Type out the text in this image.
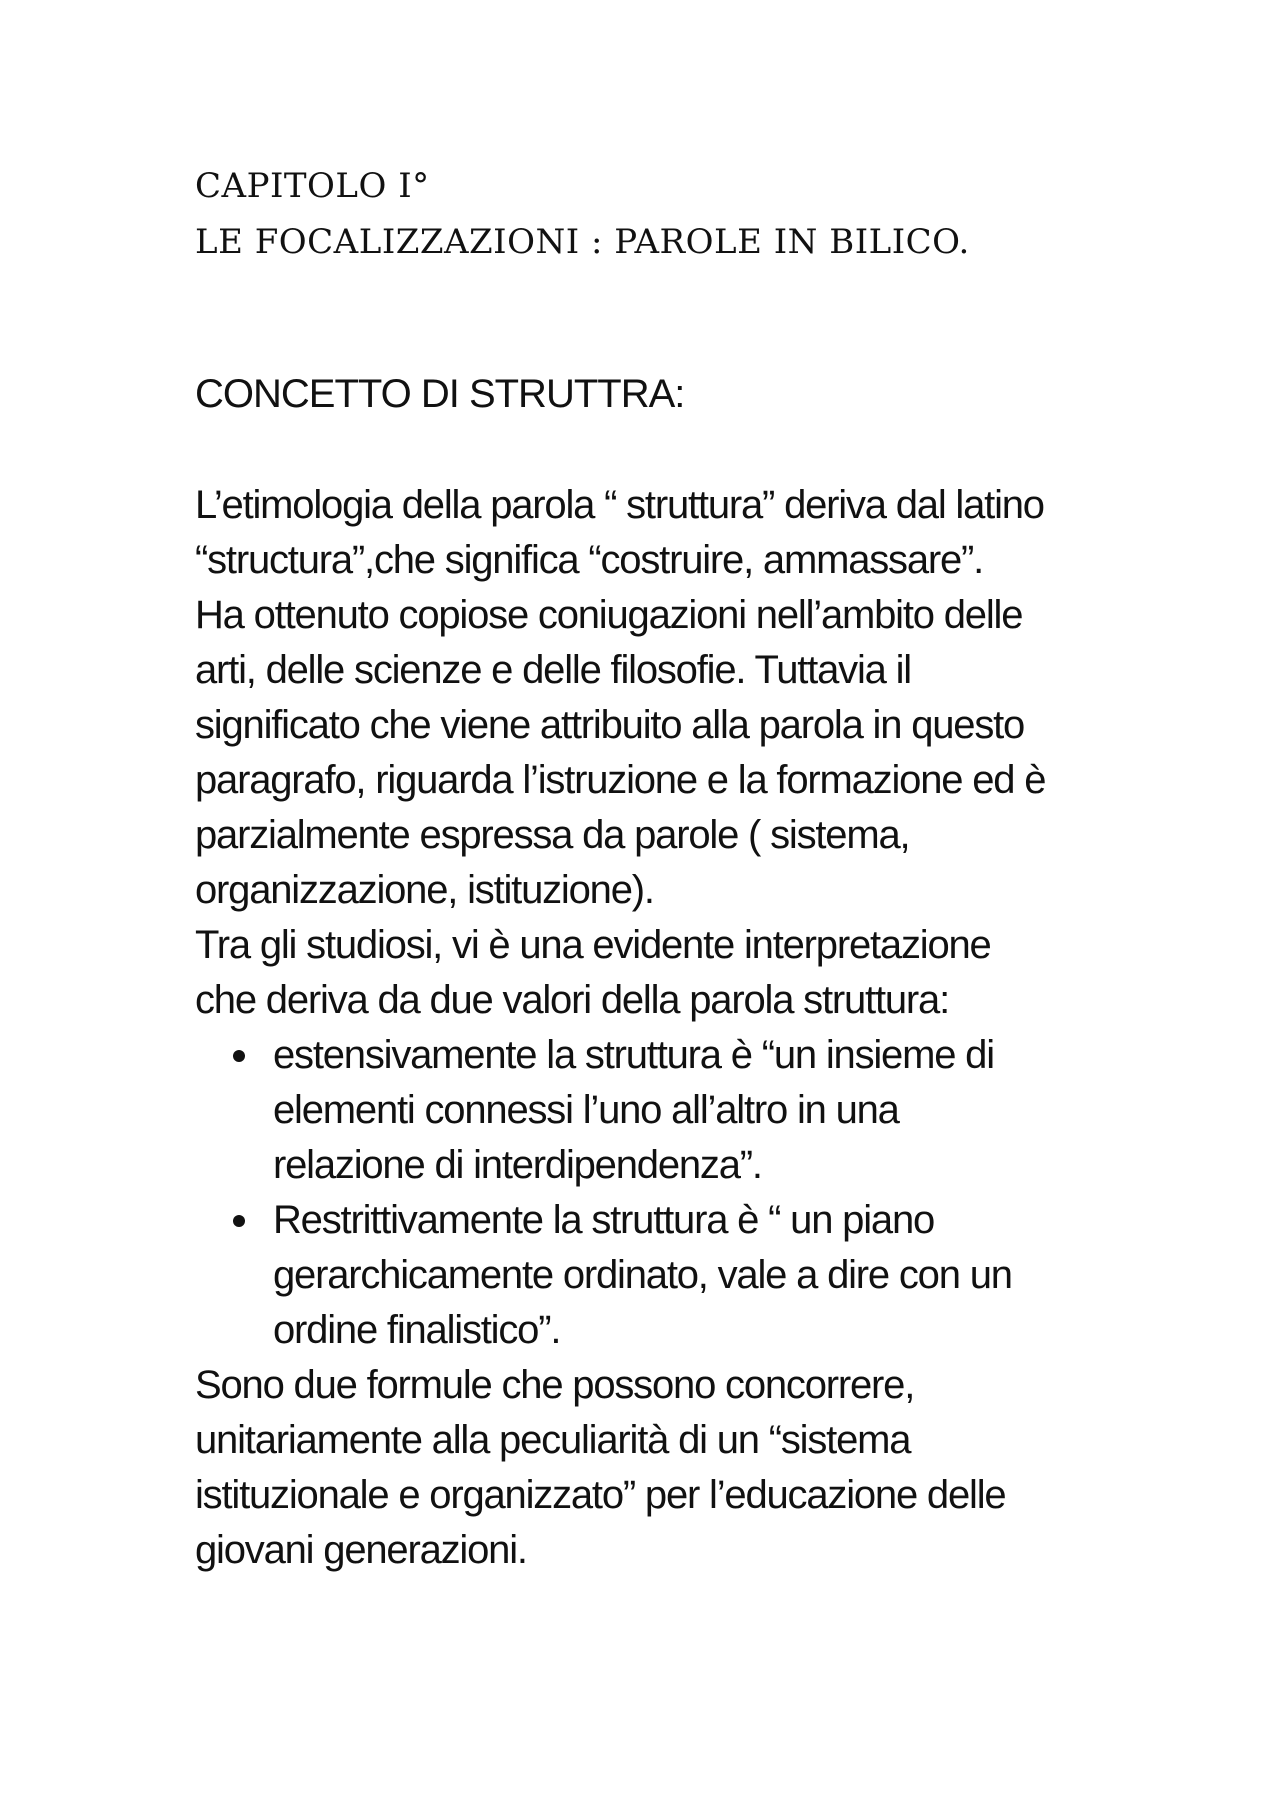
CAPITOLO I°
LE FOCALIZZAZIONI : PAROLE IN BILICO.
CONCETTO DI STRUTTRA:

L’etimologia della parola “ struttura” deriva dal latino
“structura”,che significa “costruire, ammassare”.
Ha ottenuto copiose coniugazioni nell’ambito delle
arti, delle scienze e delle filosofie. Tuttavia il
significato che viene attribuito alla parola in questo
paragrafo, riguarda l’istruzione e la formazione ed è
parzialmente espressa da parole ( sistema,
organizzazione, istituzione).

Tra gli studiosi, vi è una evidente interpretazione
che deriva da due valori della parola struttura:

estensivamente la struttura è “un insieme di
elementi connessi l’uno all’altro in una
relazione di interdipendenza”.
Restrittivamente la struttura è “ un piano
gerarchicamente ordinato, vale a dire con un
ordine finalistico”.

Sono due formule che possono concorrere,
unitariamente alla peculiarità di un “sistema
istituzionale e organizzato” per l’educazione delle
giovani generazioni.
